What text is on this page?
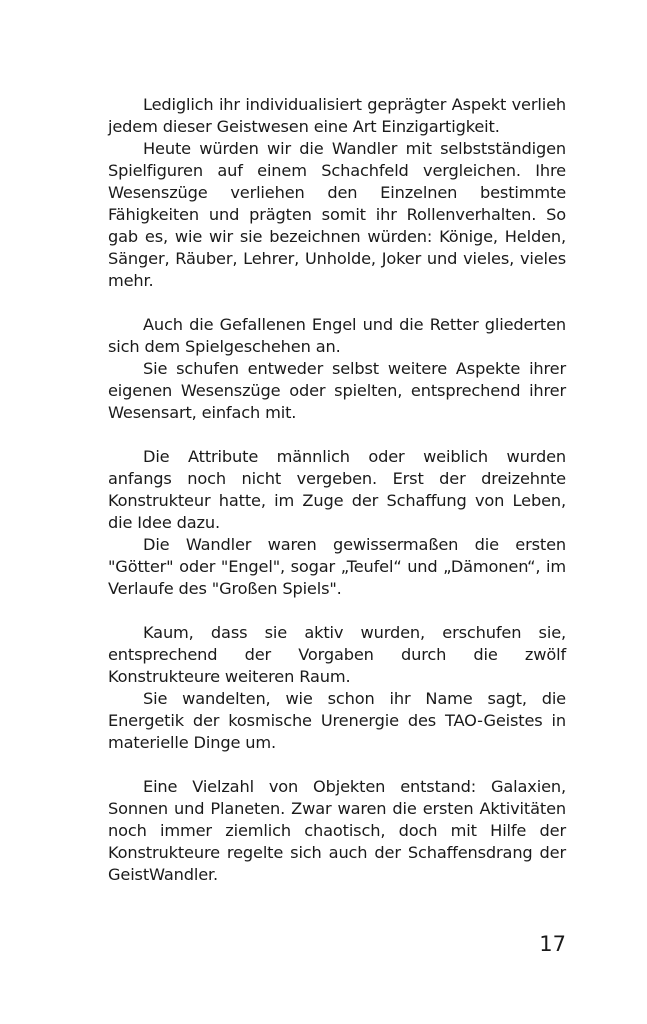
Lediglich ihr individualisiert geprägter Aspekt verlieh jedem dieser Geistwesen eine Art Einzigartigkeit.

Heute würden wir die Wandler mit selbstständigen Spielfiguren auf einem Schachfeld vergleichen. Ihre Wesenszüge verliehen den Einzelnen bestimmte Fähigkeiten und prägten somit ihr Rollenverhalten. So gab es, wie wir sie bezeichnen würden: Könige, Helden, Sänger, Räuber, Lehrer, Unholde, Joker und vieles, vieles mehr.

Auch die Gefallenen Engel und die Retter gliederten sich dem Spielgeschehen an.

Sie schufen entweder selbst weitere Aspekte ihrer eigenen Wesenszüge oder spielten, entsprechend ihrer Wesensart, einfach mit.

Die Attribute männlich oder weiblich wurden anfangs noch nicht vergeben. Erst der dreizehnte Konstrukteur hatte, im Zuge der Schaffung von Leben, die Idee dazu.

Die Wandler waren gewissermaßen die ersten "Götter" oder "Engel", sogar „Teufel“ und „Dämonen“, im Verlaufe des "Großen Spiels".

Kaum, dass sie aktiv wurden, erschufen sie, entsprechend der Vorgaben durch die zwölf Konstrukteure weiteren Raum.

Sie wandelten, wie schon ihr Name sagt, die Energetik der kosmische Urenergie des TAO-Geistes in materielle Dinge um.

Eine Vielzahl von Objekten entstand: Galaxien, Sonnen und Planeten. Zwar waren die ersten Aktivitäten noch immer ziemlich chaotisch, doch mit Hilfe der Konstrukteure regelte sich auch der Schaffensdrang der GeistWandler.

17
